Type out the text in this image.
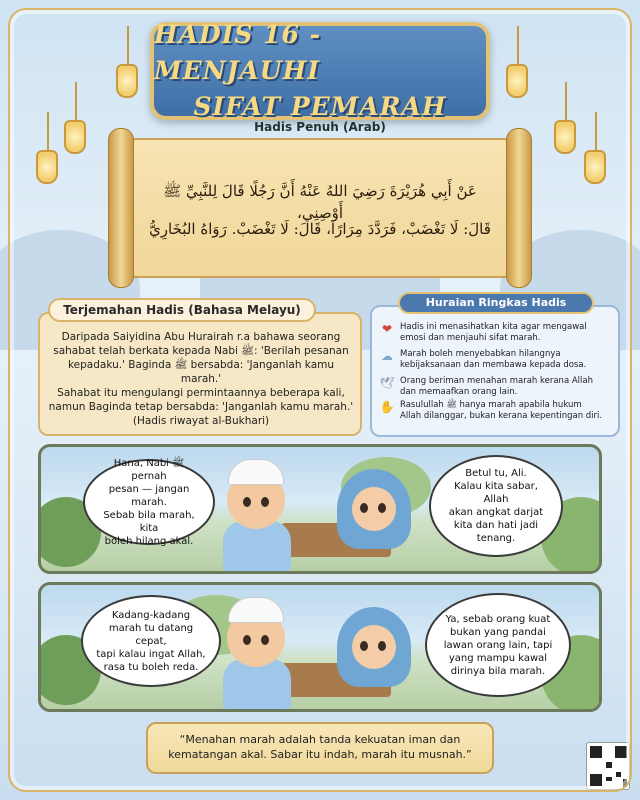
HADIS 16 - MENJAUHI
SIFAT PEMARAH
Hadis Penuh (Arab)
عَنْ أَبِي هُرَيْرَةَ رَضِيَ اللهُ عَنْهُ أَنَّ رَجُلًا قَالَ لِلنَّبِيِّ ﷺ أَوْصِنِي،
قَالَ: لَا تَغْضَبْ، فَرَدَّدَ مِرَارًا، قَالَ: لَا تَغْضَبْ. رَوَاهُ البُخَارِيُّ
Terjemahan Hadis (Bahasa Melayu)
Daripada Saiyidina Abu Hurairah r.a bahawa seorang
sahabat telah berkata kepada Nabi ﷺ: 'Berilah pesanan
kepadaku.' Baginda ﷺ bersabda: 'Janganlah kamu marah.'
Sahabat itu mengulangi permintaannya beberapa kali,
namun Baginda tetap bersabda: 'Janganlah kamu marah.'
(Hadis riwayat al-Bukhari)
Huraian Ringkas Hadis
❤ Hadis ini menasihatkan kita agar mengawal
emosi dan menjauhi sifat marah.
☁ Marah boleh menyebabkan hilangnya
kebijaksanaan dan membawa kepada dosa.
🕊 Orang beriman menahan marah kerana Allah
dan memaafkan orang lain.
✋ Rasulullah ﷺ hanya marah apabila hukum
Allah dilanggar, bukan kerana kepentingan diri.
Hana, Nabi ﷺ pernah
pesan — jangan marah.
Sebab bila marah, kita
boleh hilang akal.
Betul tu, Ali.
Kalau kita sabar, Allah
akan angkat darjat
kita dan hati jadi
tenang.
Kadang-kadang
marah tu datang cepat,
tapi kalau ingat Allah,
rasa tu boleh reda.
Ya, sebab orang kuat
bukan yang pandai
lawan orang lain, tapi
yang mampu kawal
dirinya bila marah.
“Menahan marah adalah tanda kekuatan iman dan
kematangan akal. Sabar itu indah, marah itu musnah.”
